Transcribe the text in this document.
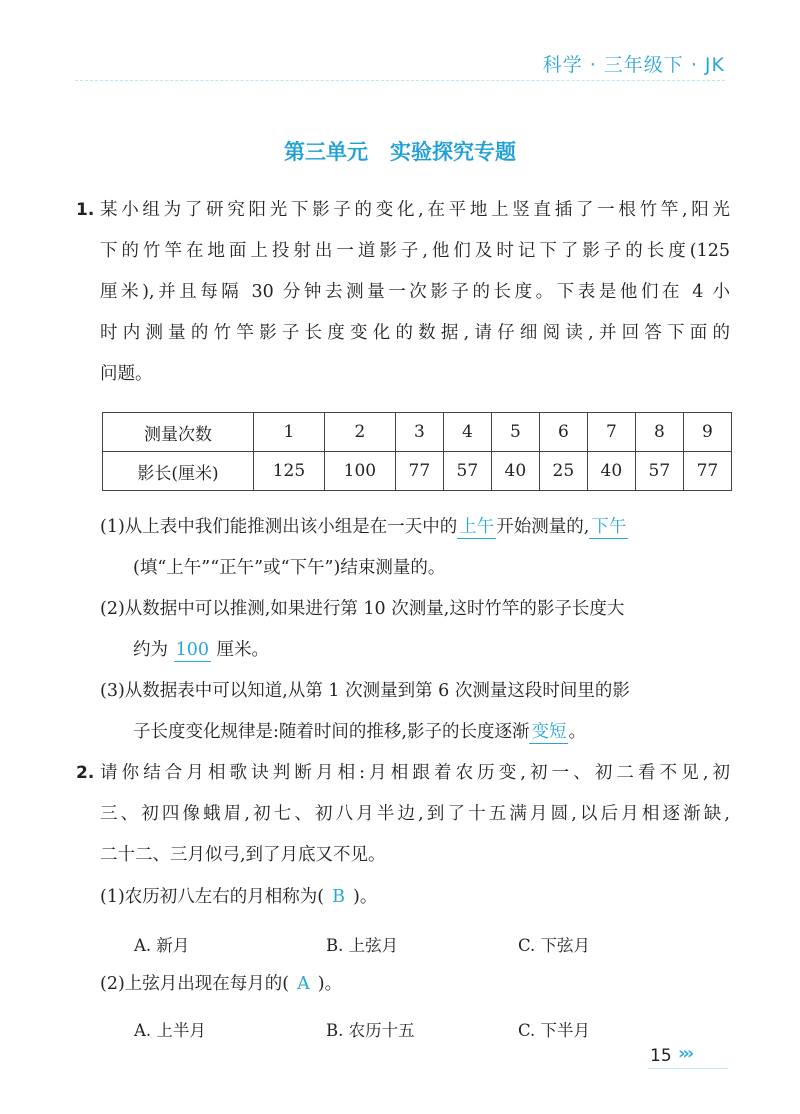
科学 · 三年级下 · JK
第三单元 实验探究专题
1. 某小组为了研究阳光下影子的变化,在平地上竖直插了一根竹竿,阳光
下的竹竿在地面上投射出一道影子,他们及时记下了影子的长度(125
厘米),并且每隔 30 分钟去测量一次影子的长度。下表是他们在 4 小
时内测量的竹竿影子长度变化的数据,请仔细阅读,并回答下面的
问题。
测量次数	1	2	3	4	5	6	7	8	9
影长(厘米)	125	100	77	57	40	25	40	57	77
(1)从上表中我们能推测出该小组是在一天中的 上午 开始测量的, 下午
(填“上午”“正午”或“下午”)结束测量的。
(2)从数据中可以推测,如果进行第 10 次测量,这时竹竿的影子长度大
约为 100 厘米。
(3)从数据表中可以知道,从第 1 次测量到第 6 次测量这段时间里的影
子长度变化规律是:随着时间的推移,影子的长度逐渐 变短 。
2. 请你结合月相歌诀判断月相:月相跟着农历变,初一、初二看不见,初
三、初四像蛾眉,初七、初八月半边,到了十五满月圆,以后月相逐渐缺,
二十二、三月似弓,到了月底又不见。
(1)农历初八左右的月相称为( B )。
A. 新月	B. 上弦月	C. 下弦月
(2)上弦月出现在每月的( A )。
A. 上半月	B. 农历十五	C. 下半月
15 ›››
